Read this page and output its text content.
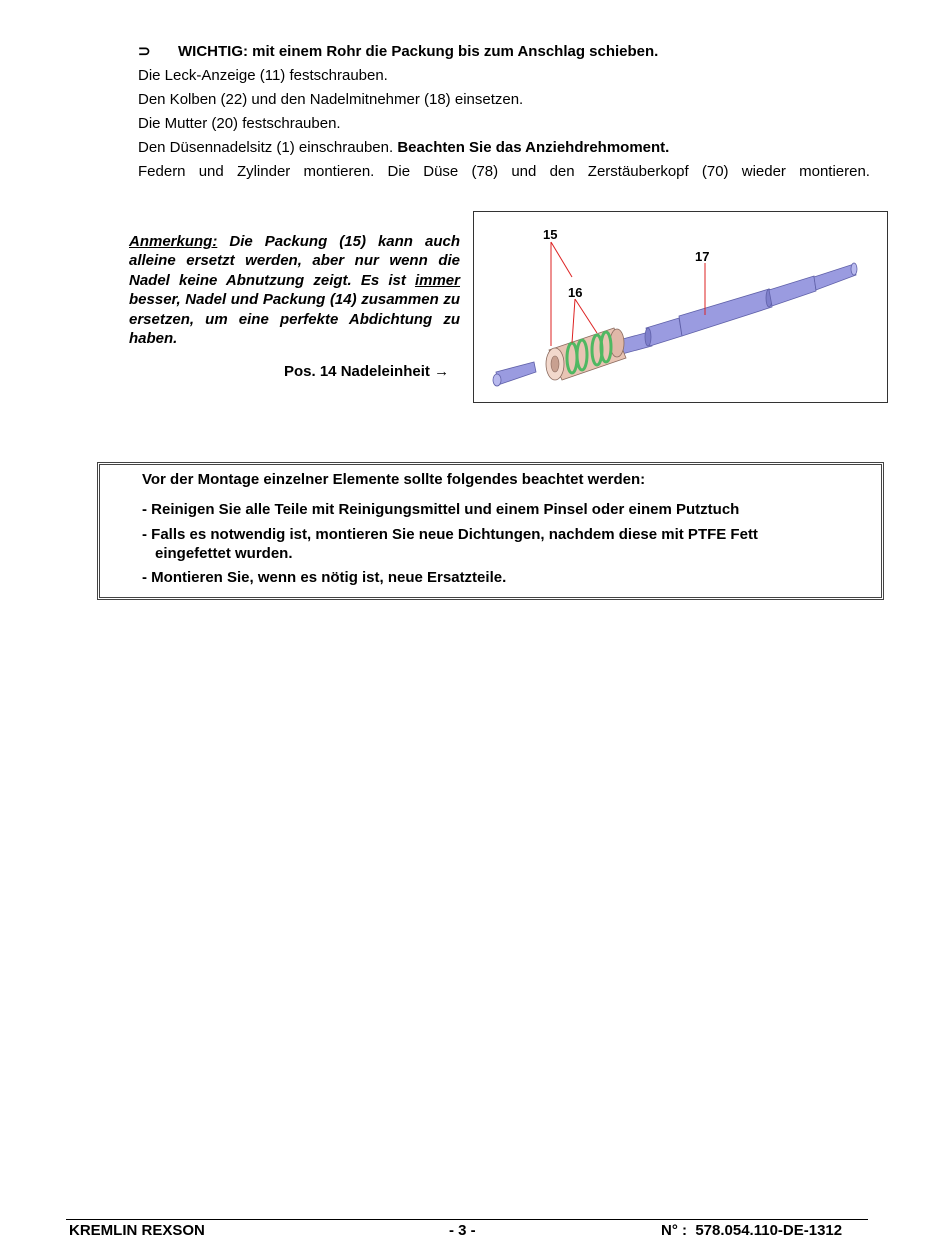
⊃ WICHTIG: mit einem Rohr die Packung bis zum Anschlag schieben.
Die Leck-Anzeige (11) festschrauben.
Den Kolben (22) und den Nadelmitnehmer (18) einsetzen.
Die Mutter (20) festschrauben.
Den Düsennadelsitz (1) einschrauben. Beachten Sie das Anziehdrehmoment.
Federn und Zylinder montieren. Die Düse (78) und den Zerstäuberkopf (70) wieder montieren.
Anmerkung: Die Packung (15) kann auch alleine ersetzt werden, aber nur wenn die Nadel keine Abnutzung zeigt. Es ist immer besser, Nadel und Packung (14) zusammen zu ersetzen, um eine perfekte Abdichtung zu haben.
Pos. 14 Nadeleinheit →
15
16
17
Vor der Montage einzelner Elemente sollte folgendes beachtet werden:
- Reinigen Sie alle Teile mit Reinigungsmittel und einem Pinsel oder einem Putztuch
- Falls es notwendig ist, montieren Sie neue Dichtungen, nachdem diese mit PTFE Fett
eingefettet wurden.
- Montieren Sie, wenn es nötig ist, neue Ersatzteile.
KREMLIN REXSON	- 3 -	N° :  578.054.110-DE-1312
